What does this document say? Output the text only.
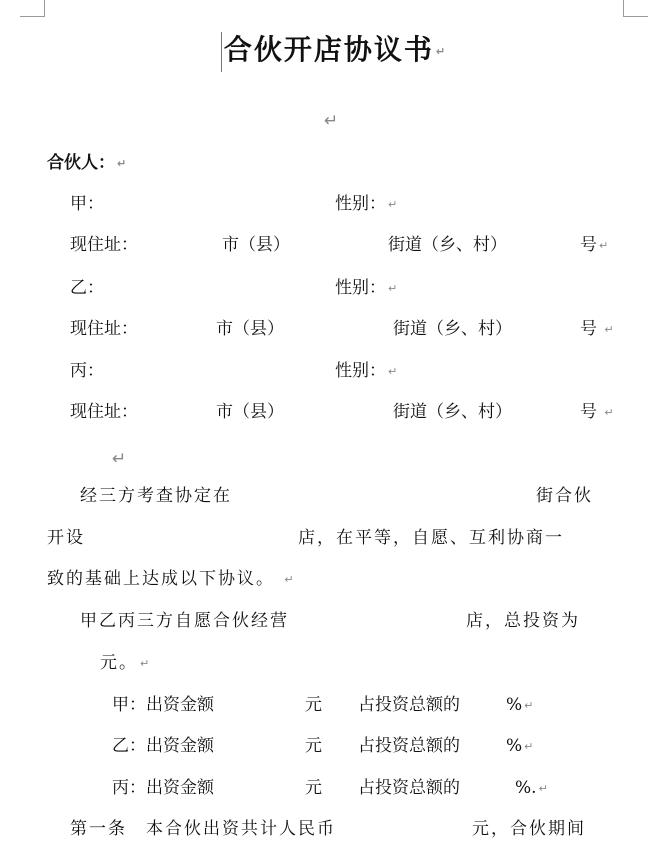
合伙开店协议书 ↵
↵
合伙人： ↵
甲：	性别： ↵
现住址：	市（县）	街道（乡、村）	号 ↵
乙：	性别： ↵
现住址：	市（县）	街道（乡、村）	号 ↵
丙：	性别： ↵
现住址：	市（县）	街道（乡、村）	号 ↵
↵
经三方考查协定在	街合伙
开设	店，在平等，自愿、互利协商一
致的基础上达成以下协议。 ↵
甲乙丙三方自愿合伙经营	店，总投资为
元。 ↵
甲：出资金额	元 占投资总额的	% ↵
乙：出资金额	元 占投资总额的	% ↵
丙：出资金额	元 占投资总额的	%. ↵
第一条　本合伙出资共计人民币	元，合伙期间
